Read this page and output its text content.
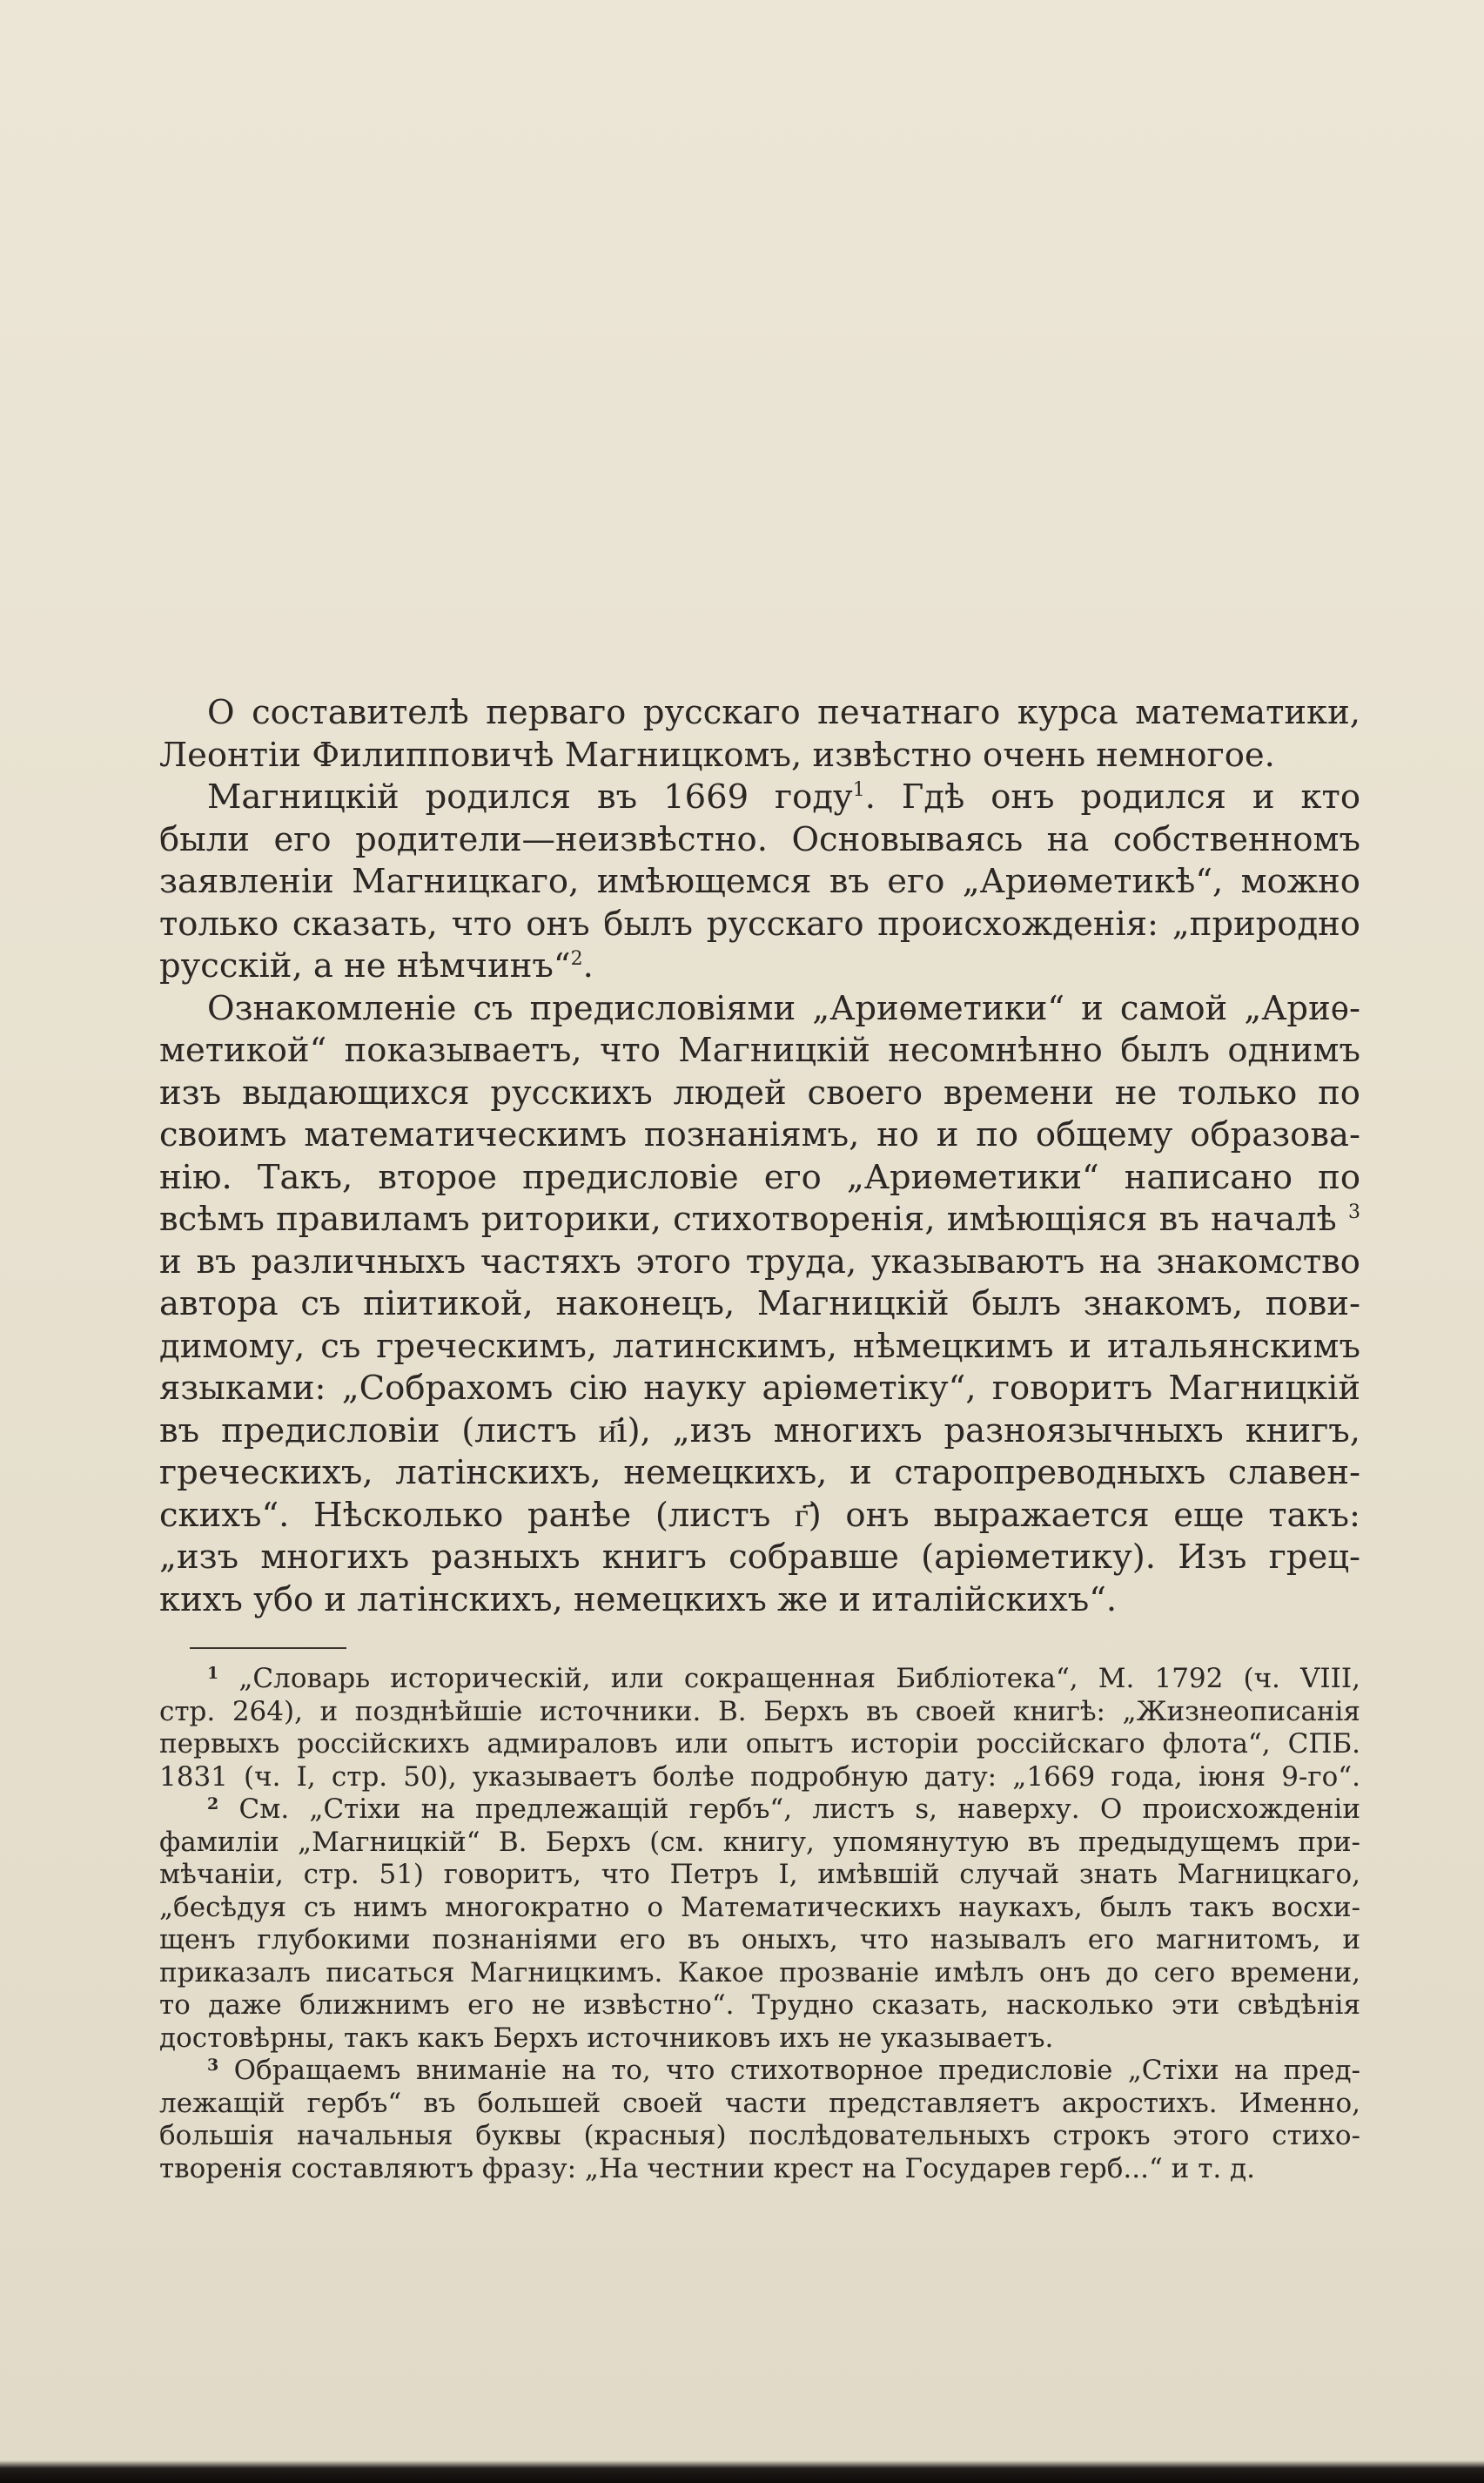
О составителѣ перваго русскаго печатнаго курса математики,
Леонтіи Филипповичѣ Магницкомъ, извѣстно очень немногое.
Магницкій родился въ 1669 году$^1$. Гдѣ онъ родился и кто
были его родители—неизвѣстно. Основываясь на собственномъ
заявленіи Магницкаго, имѣющемся въ его „Ариѳметикѣ“, можно
только сказать, что онъ былъ русскаго происхожденія: „природно
русскій, а не нѣмчинъ“$^2$.
Ознакомленіе съ предисловіями „Ариѳметики“ и самой „Ариѳ-
метикой“ показываетъ, что Магницкій несомнѣнно былъ однимъ
изъ выдающихся русскихъ людей своего времени не только по
своимъ математическимъ познаніямъ, но и по общему образова-
нію. Такъ, второе предисловіе его „Ариѳметики“ написано по
всѣмъ правиламъ риторики, стихотворенія, имѣющіяся въ началѣ $^3$
и въ различныхъ частяхъ этого труда, указываютъ на знакомство
автора съ піитикой, наконецъ, Магницкій былъ знакомъ, пови-
димому, съ греческимъ, латинскимъ, нѣмецкимъ и итальянскимъ
языками: „Собрахомъ сію науку аріѳметіку“, говоритъ Магницкій
въ предисловіи (листъ и҃і), „изъ многихъ разноязычныхъ книгъ,
греческихъ, латінскихъ, немецкихъ, и старопреводныхъ славен-
скихъ“. Нѣсколько ранѣе (листъ г҃) онъ выражается еще такъ:
„изъ многихъ разныхъ книгъ собравше (аріѳметику). Изъ грец-
кихъ убо и латінскихъ, немецкихъ же и италійскихъ“.
$^1$ „Словарь историческій, или сокращенная Библіотека“, М. 1792 (ч. VIII,
стр. 264), и позднѣйшіе источники. В. Берхъ въ своей книгѣ: „Жизнеописанія
первыхъ россійскихъ адмираловъ или опытъ исторіи россійскаго флота“, СПБ.
1831 (ч. I, стр. 50), указываетъ болѣе подробную дату: „1669 года, іюня 9-го“.
$^2$ См. „Стіхи на предлежащій гербъ“, листъ ѕ, наверху. О происхожденіи
фамиліи „Магницкій“ В. Берхъ (см. книгу, упомянутую въ предыдущемъ при-
мѣчаніи, стр. 51) говоритъ, что Петръ I, имѣвшій случай знать Магницкаго,
„бесѣдуя съ нимъ многократно о Математическихъ наукахъ, былъ такъ восхи-
щенъ глубокими познаніями его въ оныхъ, что называлъ его магнитомъ, и
приказалъ писаться Магницкимъ. Какое прозваніе имѣлъ онъ до сего времени,
то даже ближнимъ его не извѣстно“. Трудно сказать, насколько эти свѣдѣнія
достовѣрны, такъ какъ Берхъ источниковъ ихъ не указываетъ.
$^3$ Обращаемъ вниманіе на то, что стихотворное предисловіе „Стіхи на пред-
лежащій гербъ“ въ большей своей части представляетъ акростихъ. Именно,
большія начальныя буквы (красныя) послѣдовательныхъ строкъ этого стихо-
творенія составляютъ фразу: „На честнии крест на Государев герб...“ и т. д.
